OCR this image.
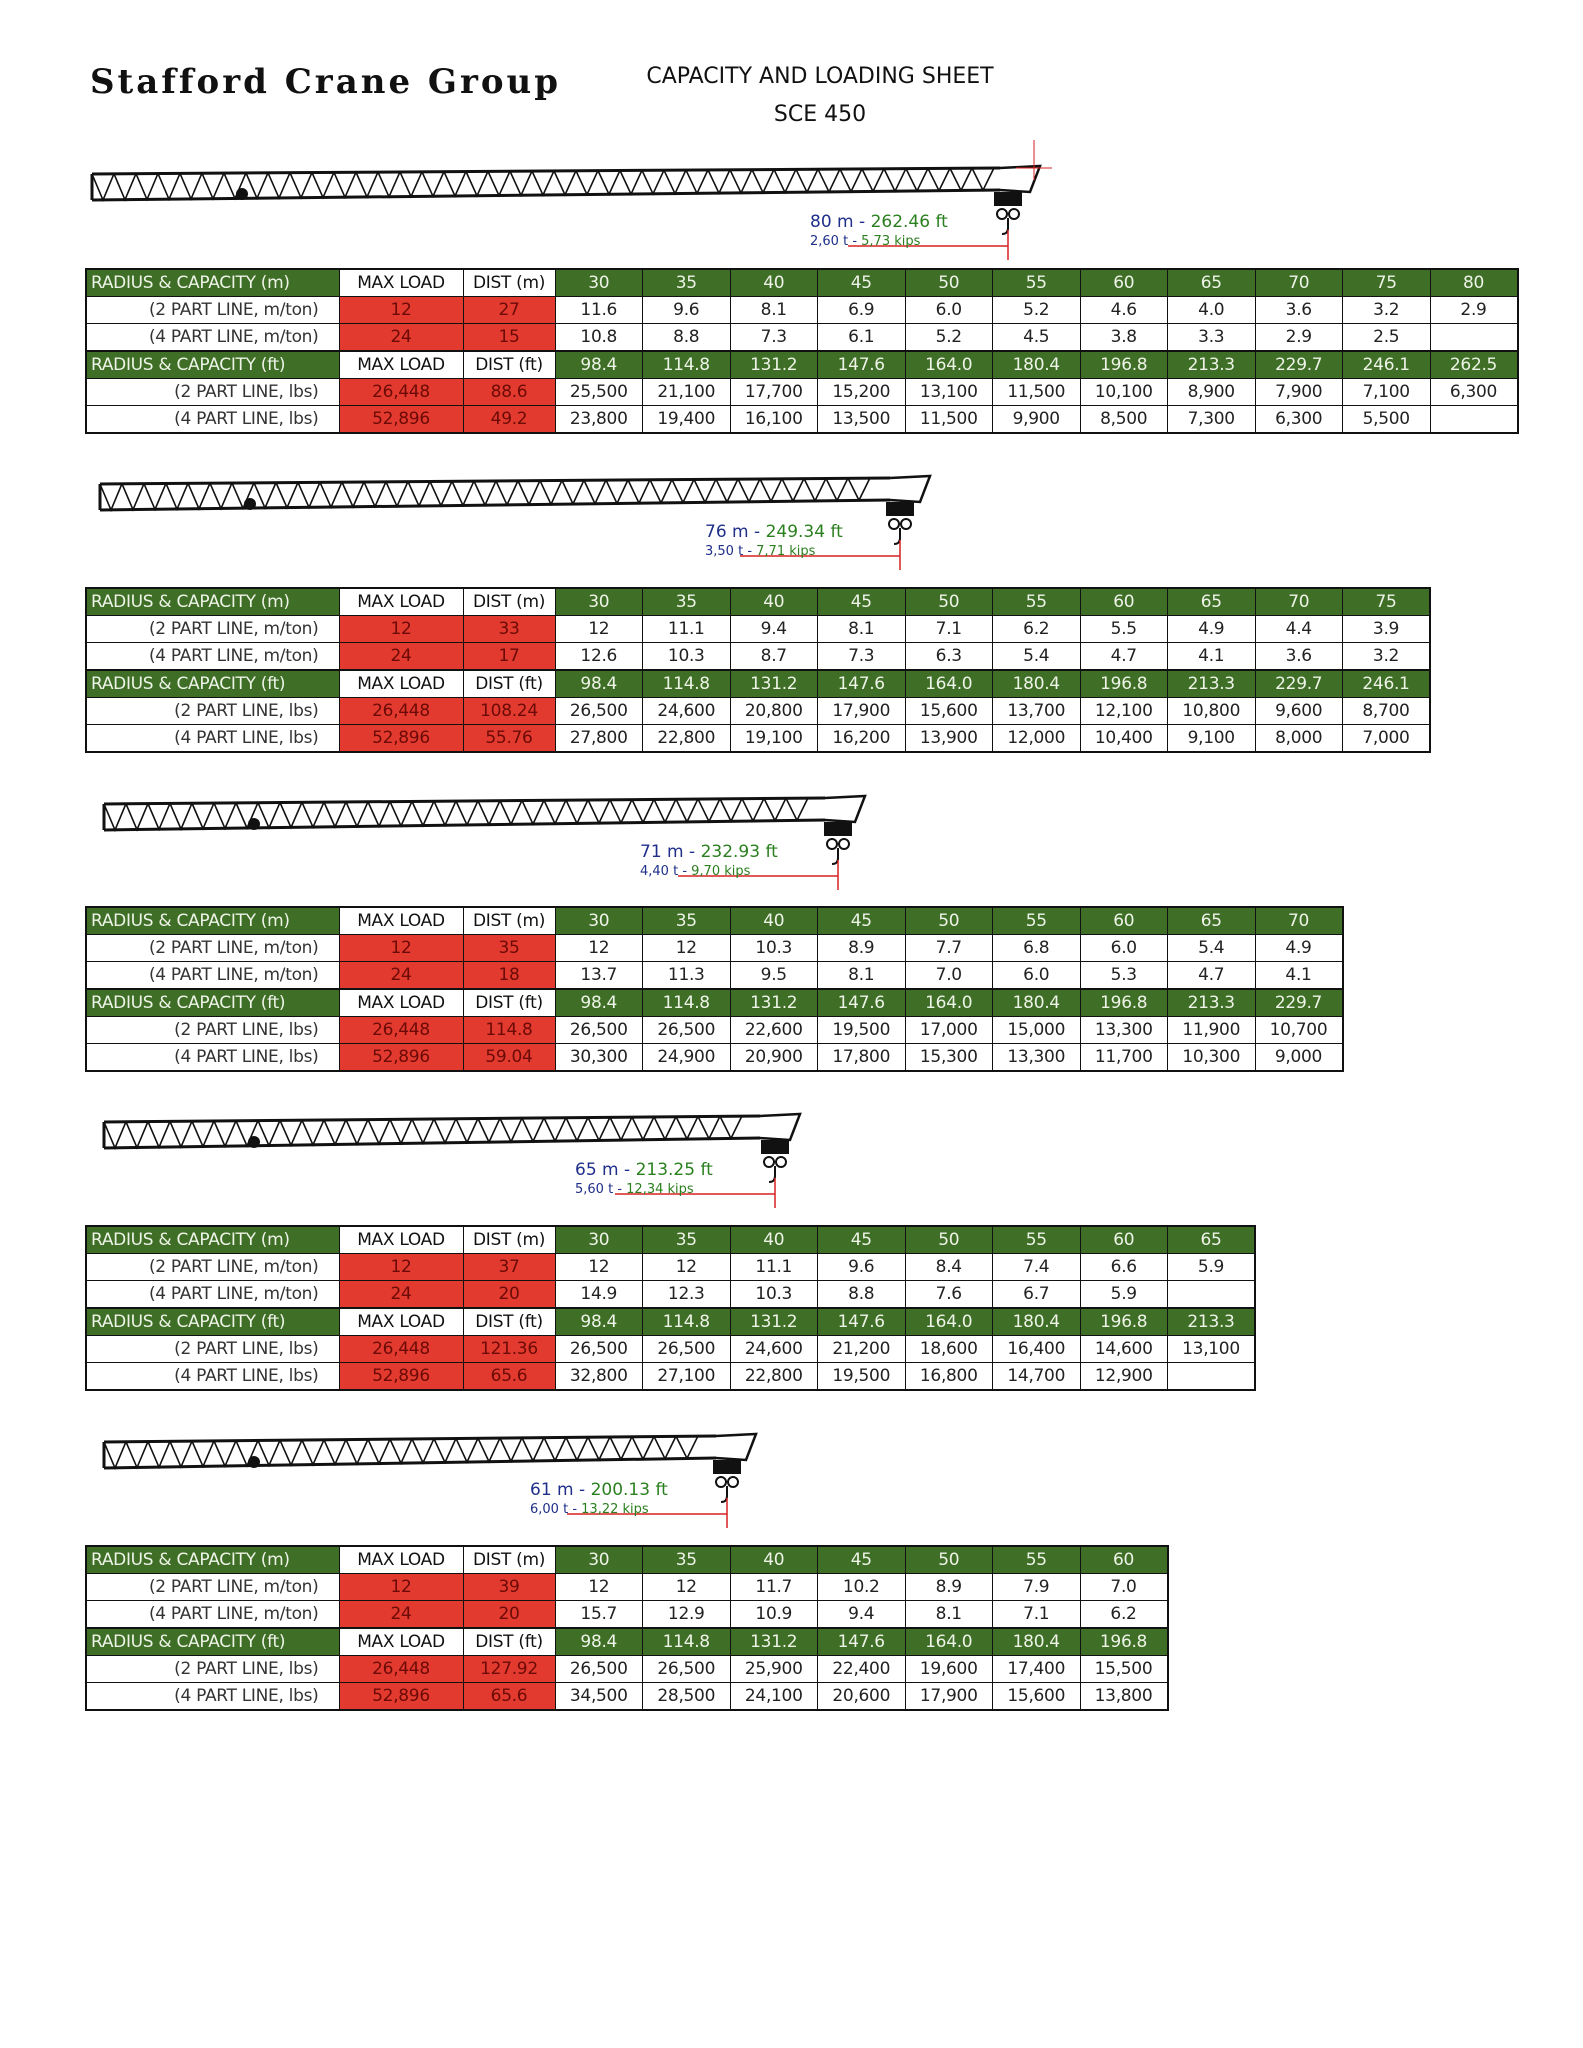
Stafford Crane Group	CAPACITY AND LOADING SHEET
SCE 450
80 m - 262.46 ft
2,60 t - 5,73 kips
RADIUS & CAPACITY (m)	MAX LOAD	DIST (m)	30	35	40	45	50	55	60	65	70	75	80
(2 PART LINE, m/ton)	12	27	11.6	9.6	8.1	6.9	6.0	5.2	4.6	4.0	3.6	3.2	2.9
(4 PART LINE, m/ton)	24	15	10.8	8.8	7.3	6.1	5.2	4.5	3.8	3.3	2.9	2.5	
RADIUS & CAPACITY (ft)	MAX LOAD	DIST (ft)	98.4	114.8	131.2	147.6	164.0	180.4	196.8	213.3	229.7	246.1	262.5
(2 PART LINE, lbs)	26,448	88.6	25,500	21,100	17,700	15,200	13,100	11,500	10,100	8,900	7,900	7,100	6,300
(4 PART LINE, lbs)	52,896	49.2	23,800	19,400	16,100	13,500	11,500	9,900	8,500	7,300	6,300	5,500	
76 m - 249.34 ft
3,50 t - 7,71 kips
RADIUS & CAPACITY (m)	MAX LOAD	DIST (m)	30	35	40	45	50	55	60	65	70	75
(2 PART LINE, m/ton)	12	33	12	11.1	9.4	8.1	7.1	6.2	5.5	4.9	4.4	3.9
(4 PART LINE, m/ton)	24	17	12.6	10.3	8.7	7.3	6.3	5.4	4.7	4.1	3.6	3.2
RADIUS & CAPACITY (ft)	MAX LOAD	DIST (ft)	98.4	114.8	131.2	147.6	164.0	180.4	196.8	213.3	229.7	246.1
(2 PART LINE, lbs)	26,448	108.24	26,500	24,600	20,800	17,900	15,600	13,700	12,100	10,800	9,600	8,700
(4 PART LINE, lbs)	52,896	55.76	27,800	22,800	19,100	16,200	13,900	12,000	10,400	9,100	8,000	7,000
71 m - 232.93 ft
4,40 t - 9,70 kips
RADIUS & CAPACITY (m)	MAX LOAD	DIST (m)	30	35	40	45	50	55	60	65	70
(2 PART LINE, m/ton)	12	35	12	12	10.3	8.9	7.7	6.8	6.0	5.4	4.9
(4 PART LINE, m/ton)	24	18	13.7	11.3	9.5	8.1	7.0	6.0	5.3	4.7	4.1
RADIUS & CAPACITY (ft)	MAX LOAD	DIST (ft)	98.4	114.8	131.2	147.6	164.0	180.4	196.8	213.3	229.7
(2 PART LINE, lbs)	26,448	114.8	26,500	26,500	22,600	19,500	17,000	15,000	13,300	11,900	10,700
(4 PART LINE, lbs)	52,896	59.04	30,300	24,900	20,900	17,800	15,300	13,300	11,700	10,300	9,000
65 m - 213.25 ft
5,60 t - 12,34 kips
RADIUS & CAPACITY (m)	MAX LOAD	DIST (m)	30	35	40	45	50	55	60	65
(2 PART LINE, m/ton)	12	37	12	12	11.1	9.6	8.4	7.4	6.6	5.9
(4 PART LINE, m/ton)	24	20	14.9	12.3	10.3	8.8	7.6	6.7	5.9	
RADIUS & CAPACITY (ft)	MAX LOAD	DIST (ft)	98.4	114.8	131.2	147.6	164.0	180.4	196.8	213.3
(2 PART LINE, lbs)	26,448	121.36	26,500	26,500	24,600	21,200	18,600	16,400	14,600	13,100
(4 PART LINE, lbs)	52,896	65.6	32,800	27,100	22,800	19,500	16,800	14,700	12,900	
61 m - 200.13 ft
6,00 t - 13,22 kips
RADIUS & CAPACITY (m)	MAX LOAD	DIST (m)	30	35	40	45	50	55	60
(2 PART LINE, m/ton)	12	39	12	12	11.7	10.2	8.9	7.9	7.0
(4 PART LINE, m/ton)	24	20	15.7	12.9	10.9	9.4	8.1	7.1	6.2
RADIUS & CAPACITY (ft)	MAX LOAD	DIST (ft)	98.4	114.8	131.2	147.6	164.0	180.4	196.8
(2 PART LINE, lbs)	26,448	127.92	26,500	26,500	25,900	22,400	19,600	17,400	15,500
(4 PART LINE, lbs)	52,896	65.6	34,500	28,500	24,100	20,600	17,900	15,600	13,800
